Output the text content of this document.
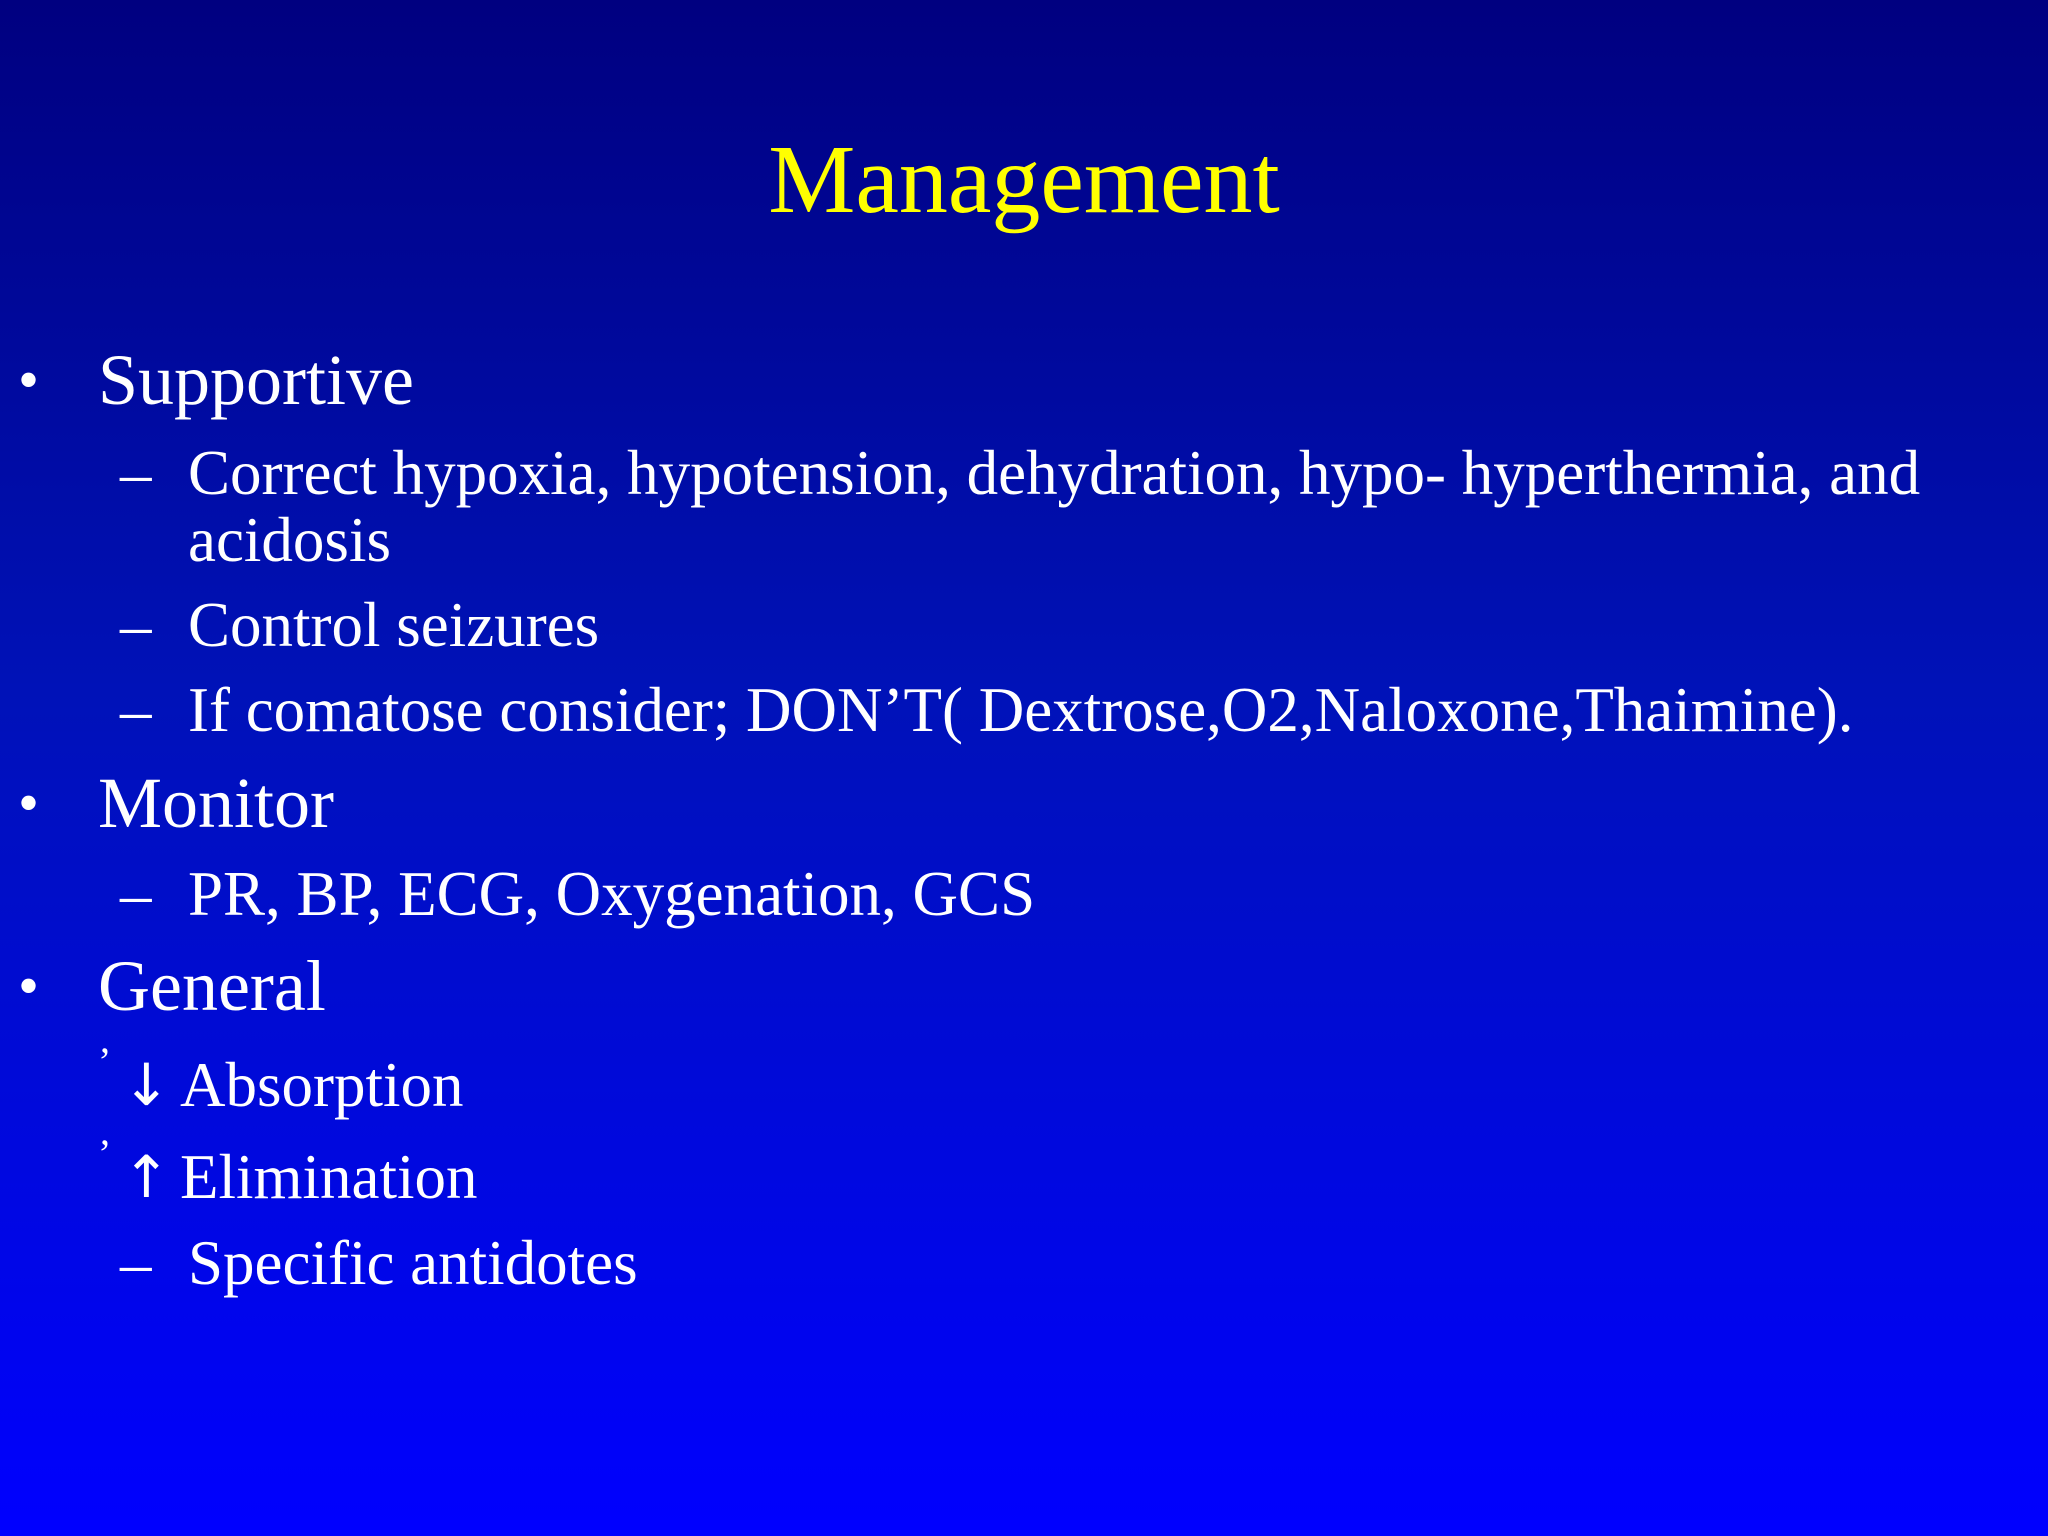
Management
• Supportive
– Correct hypoxia, hypotension, dehydration, hypo- hyperthermia, and
acidosis
– Control seizures
– If comatose consider; DON’T( Dextrose,O2,Naloxone,Thaimine).
• Monitor
– PR, BP, ECG, Oxygenation, GCS
• General
’ ↓ Absorption
’ ↑ Elimination
– Specific antidotes
